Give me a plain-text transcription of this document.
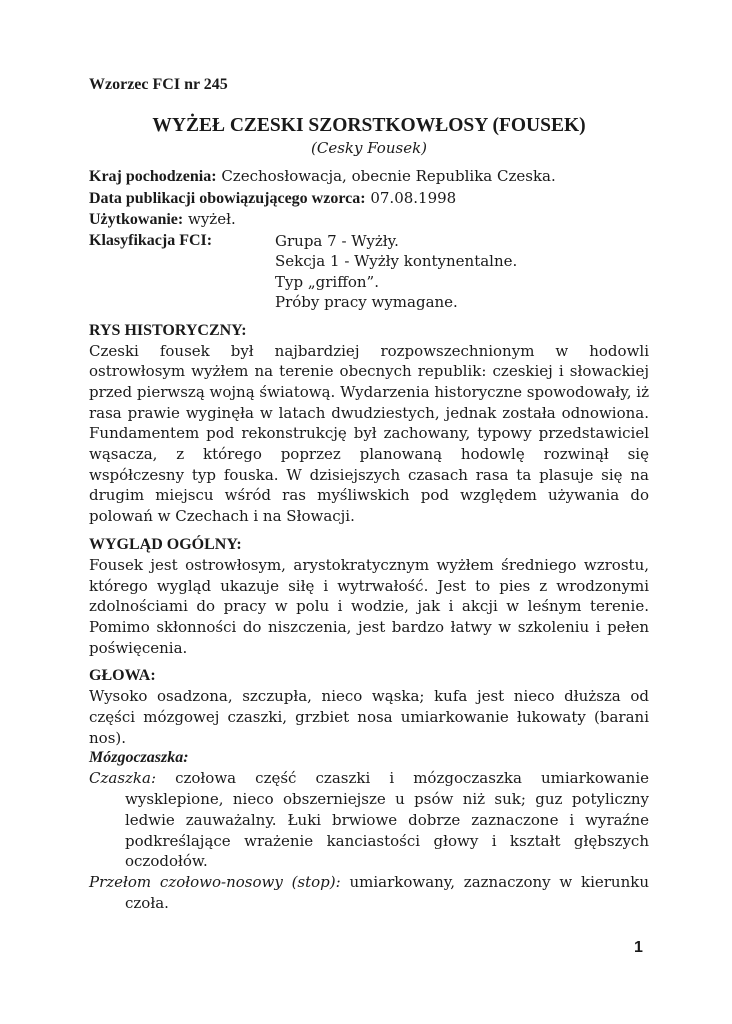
Wzorzec FCI nr 245

WYŻEŁ CZESKI SZORSTKOWŁOSY (FOUSEK)

(Cesky Fousek)

Kraj pochodzenia: Czechosłowacja, obecnie Republika Czeska.
Data publikacji obowiązującego wzorca: 07.08.1998
Użytkowanie: wyżeł.
Klasyfikacja FCI:	Grupa 7 - Wyżły.
Sekcja 1 - Wyżły kontynentalne.
Typ „griffon”.
Próby pracy wymagane.
RYS HISTORYCZNY:

Czeski fousek był najbardziej rozpowszechnionym w hodowli ostrowłosym wyżłem na terenie obecnych republik: czeskiej i słowackiej przed pierwszą wojną światową. Wydarzenia historyczne spowodowały, iż rasa prawie wyginęła w latach dwudziestych, jednak została odnowiona. Fundamentem pod rekonstrukcję był zachowany, typowy przedstawiciel wąsacza, z którego poprzez planowaną hodowlę rozwinął się współczesny typ fouska. W dzisiejszych czasach rasa ta plasuje się na drugim miejscu wśród ras myśliwskich pod względem używania do polowań w Czechach i na Słowacji.

WYGLĄD OGÓLNY:

Fousek jest ostrowłosym, arystokratycznym wyżłem średniego wzrostu, którego wygląd ukazuje siłę i wytrwałość. Jest to pies z wrodzonymi zdolnościami do pracy w polu i wodzie, jak i akcji w leśnym terenie. Pomimo skłonności do niszczenia, jest bardzo łatwy w szkoleniu i pełen poświęcenia.

GŁOWA:

Wysoko osadzona, szczupła, nieco wąska; kufa jest nieco dłuższa od części mózgowej czaszki, grzbiet nosa umiarkowanie łukowaty (barani nos).

Mózgoczaszka:

Czaszka: czołowa część czaszki i mózgoczaszka umiarkowanie wysklepione, nieco obszerniejsze u psów niż suk; guz potyliczny ledwie zauważalny. Łuki brwiowe dobrze zaznaczone i wyraźne podkreślające wrażenie kanciastości głowy i kształt głębszych oczodołów.

Przełom czołowo-nosowy (stop): umiarkowany, zaznaczony w kierunku czoła.

1
